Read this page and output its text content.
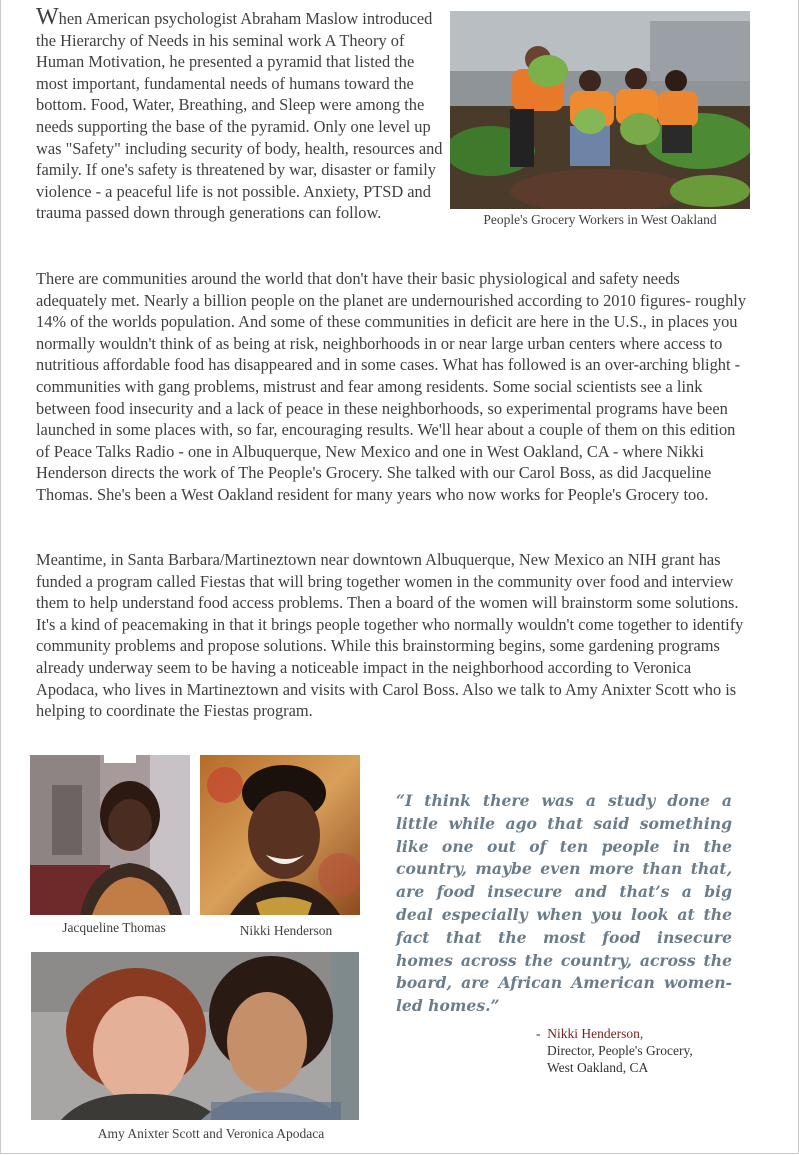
When American psychologist Abraham Maslow introduced the Hierarchy of Needs in his seminal work A Theory of Human Motivation, he presented a pyramid that listed the most important, fundamental needs of humans toward the bottom. Food, Water, Breathing, and Sleep were among the needs supporting the base of the pyramid. Only one level up was "Safety" including security of body, health, resources and family. If one's safety is threatened by war, disaster or family violence - a peaceful life is not possible. Anxiety, PTSD and trauma passed down through generations can follow.	People's Grocery Workers in West Oakland

There are communities around the world that don't have their basic physiological and safety needs adequately met. Nearly a billion people on the planet are undernourished according to 2010 figures- roughly 14% of the worlds population. And some of these communities in deficit are here in the U.S., in places you normally wouldn't think of as being at risk, neighborhoods in or near large urban centers where access to nutritious affordable food has disappeared and in some cases. What has followed is an over-arching blight - communities with gang problems, mistrust and fear among residents. Some social scientists see a link between food insecurity and a lack of peace in these neighborhoods, so experimental programs have been launched in some places with, so far, encouraging results. We'll hear about a couple of them on this edition of Peace Talks Radio - one in Albuquerque, New Mexico and one in West Oakland, CA - where Nikki Henderson directs the work of The People's Grocery. She talked with our Carol Boss, as did Jacqueline Thomas. She's been a West Oakland resident for many years who now works for People's Grocery too.

Meantime, in Santa Barbara/Martineztown near downtown Albuquerque, New Mexico an NIH grant has funded a program called Fiestas that will bring together women in the community over food and interview them to help understand food access problems. Then a board of the women will brainstorm some solutions. It's a kind of peacemaking in that it brings people together who normally wouldn't come together to identify community problems and propose solutions. While this brainstorming begins, some gardening programs already underway seem to be having a noticeable impact in the neighborhood according to Veronica Apodaca, who lives in Martineztown and visits with Carol Boss. Also we talk to Amy Anixter Scott who is helping to coordinate the Fiestas program.

Jacqueline Thomas	Nikki Henderson

Amy Anixter Scott and Veronica Apodaca

“I think there was a study done a little while ago that said something like one out of ten people in the country, maybe even more than that, are food insecure and that’s a big deal especially when you look at the fact that the most food insecure homes across the country, across the board, are African American women-led homes.”

- Nikki Henderson,
Director, People's Grocery,
West Oakland, CA
